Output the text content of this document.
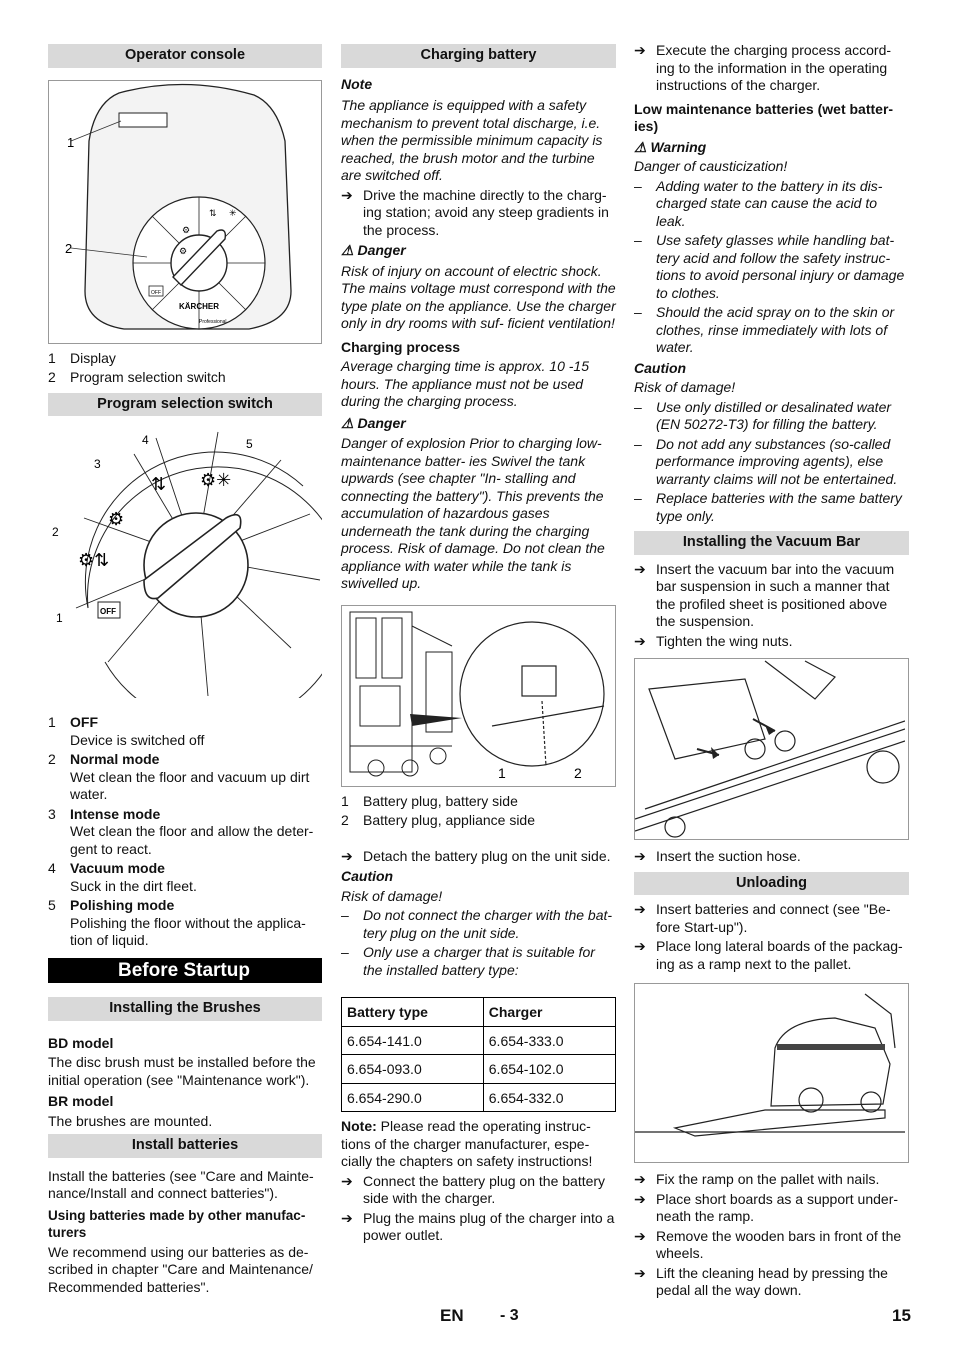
Operator console
OFF
⚙
⚙
⇅ ✳
KÄRCHER
Professional
1
2
1	Display
2	Program selection switch
Program selection switch
OFF
⚙⇅
⚙
⇅ ⚙✳
1
2
3
4	5
1	OFF
Device is switched off
2	Normal mode
Wet clean the floor and vacuum up dirt water.
3	Intense mode
Wet clean the floor and allow the deter- gent to react.
4	Vacuum mode
Suck in the dirt fleet.
5	Polishing mode
Polishing the floor without the applica- tion of liquid.
Before Startup
Installing the Brushes

BD model

The disc brush must be installed before the initial operation (see "Maintenance work").

BR model

The brushes are mounted.

Install batteries

Install the batteries (see "Care and Mainte- nance/Install and connect batteries").

Using batteries made by other manufac- turers

We recommend using our batteries as de- scribed in chapter "Care and Maintenance/ Recommended batteries".

Charging battery

Note

The appliance is equipped with a safety mechanism to prevent total discharge, i.e. when the permissible minimum capacity is reached, the brush motor and the turbine are switched off.

➔ Drive the machine directly to the charg- ing station; avoid any steep gradients in the process.

⚠ Danger

Risk of injury on account of electric shock. The mains voltage must correspond with the type plate on the appliance. Use the charger only in dry rooms with suf- ficient ventilation!

Charging process

Average charging time is approx. 10 -15 hours. The appliance must not be used during the charging process.

⚠ Danger

Danger of explosion Prior to charging low-maintenance batter- ies Swivel the tank upwards (see chapter "In- stalling and connecting the battery"). This prevents the accumulation of hazardous gases underneath the tank during the charging process. Risk of damage. Do not clean the appliance with water while the tank is swivelled up.

1	2
1	Battery plug, battery side
2	Battery plug, appliance side
➔ Detach the battery plug on the unit side.

Caution

Risk of damage!

–	Do not connect the charger with the bat- tery plug on the unit side.
–	Only use a charger that is suitable for the installed battery type:
Battery type	Charger
6.654-141.0	6.654-333.0
6.654-093.0	6.654-102.0
6.654-290.0	6.654-332.0

Note: Please read the operating instruc- tions of the charger manufacturer, espe- cially the chapters on safety instructions!

➔ Connect the battery plug on the battery side with the charger.
➔ Plug the mains plug of the charger into a power outlet.
➔ Execute the charging process accord- ing to the information in the operating instructions of the charger.

Low maintenance batteries (wet batter- ies)

⚠ Warning

Danger of causticization!

–	Adding water to the battery in its dis- charged state can cause the acid to leak.
–	Use safety glasses while handling bat- tery acid and follow the safety instruc- tions to avoid personal injury or damage to clothes.
–	Should the acid spray on to the skin or clothes, rinse immediately with lots of water.

Caution

Risk of damage!

–	Use only distilled or desalinated water (EN 50272-T3) for filling the battery.
–	Do not add any substances (so-called performance improving agents), else warranty claims will not be entertained.
–	Replace batteries with the same battery type only.
Installing the Vacuum Bar
➔ Insert the vacuum bar into the vacuum bar suspension in such a manner that the profiled sheet is positioned above the suspension.
➔ Tighten the wing nuts.
➔ Insert the suction hose.
Unloading
➔ Insert batteries and connect (see "Be- fore Start-up").
➔ Place long lateral boards of the packag- ing as a ramp next to the pallet.
➔ Fix the ramp on the pallet with nails.
➔ Place short boards as a support under- neath the ramp.
➔ Remove the wooden bars in front of the wheels.
➔ Lift the cleaning head by pressing the pedal all the way down.
EN - 3	15
